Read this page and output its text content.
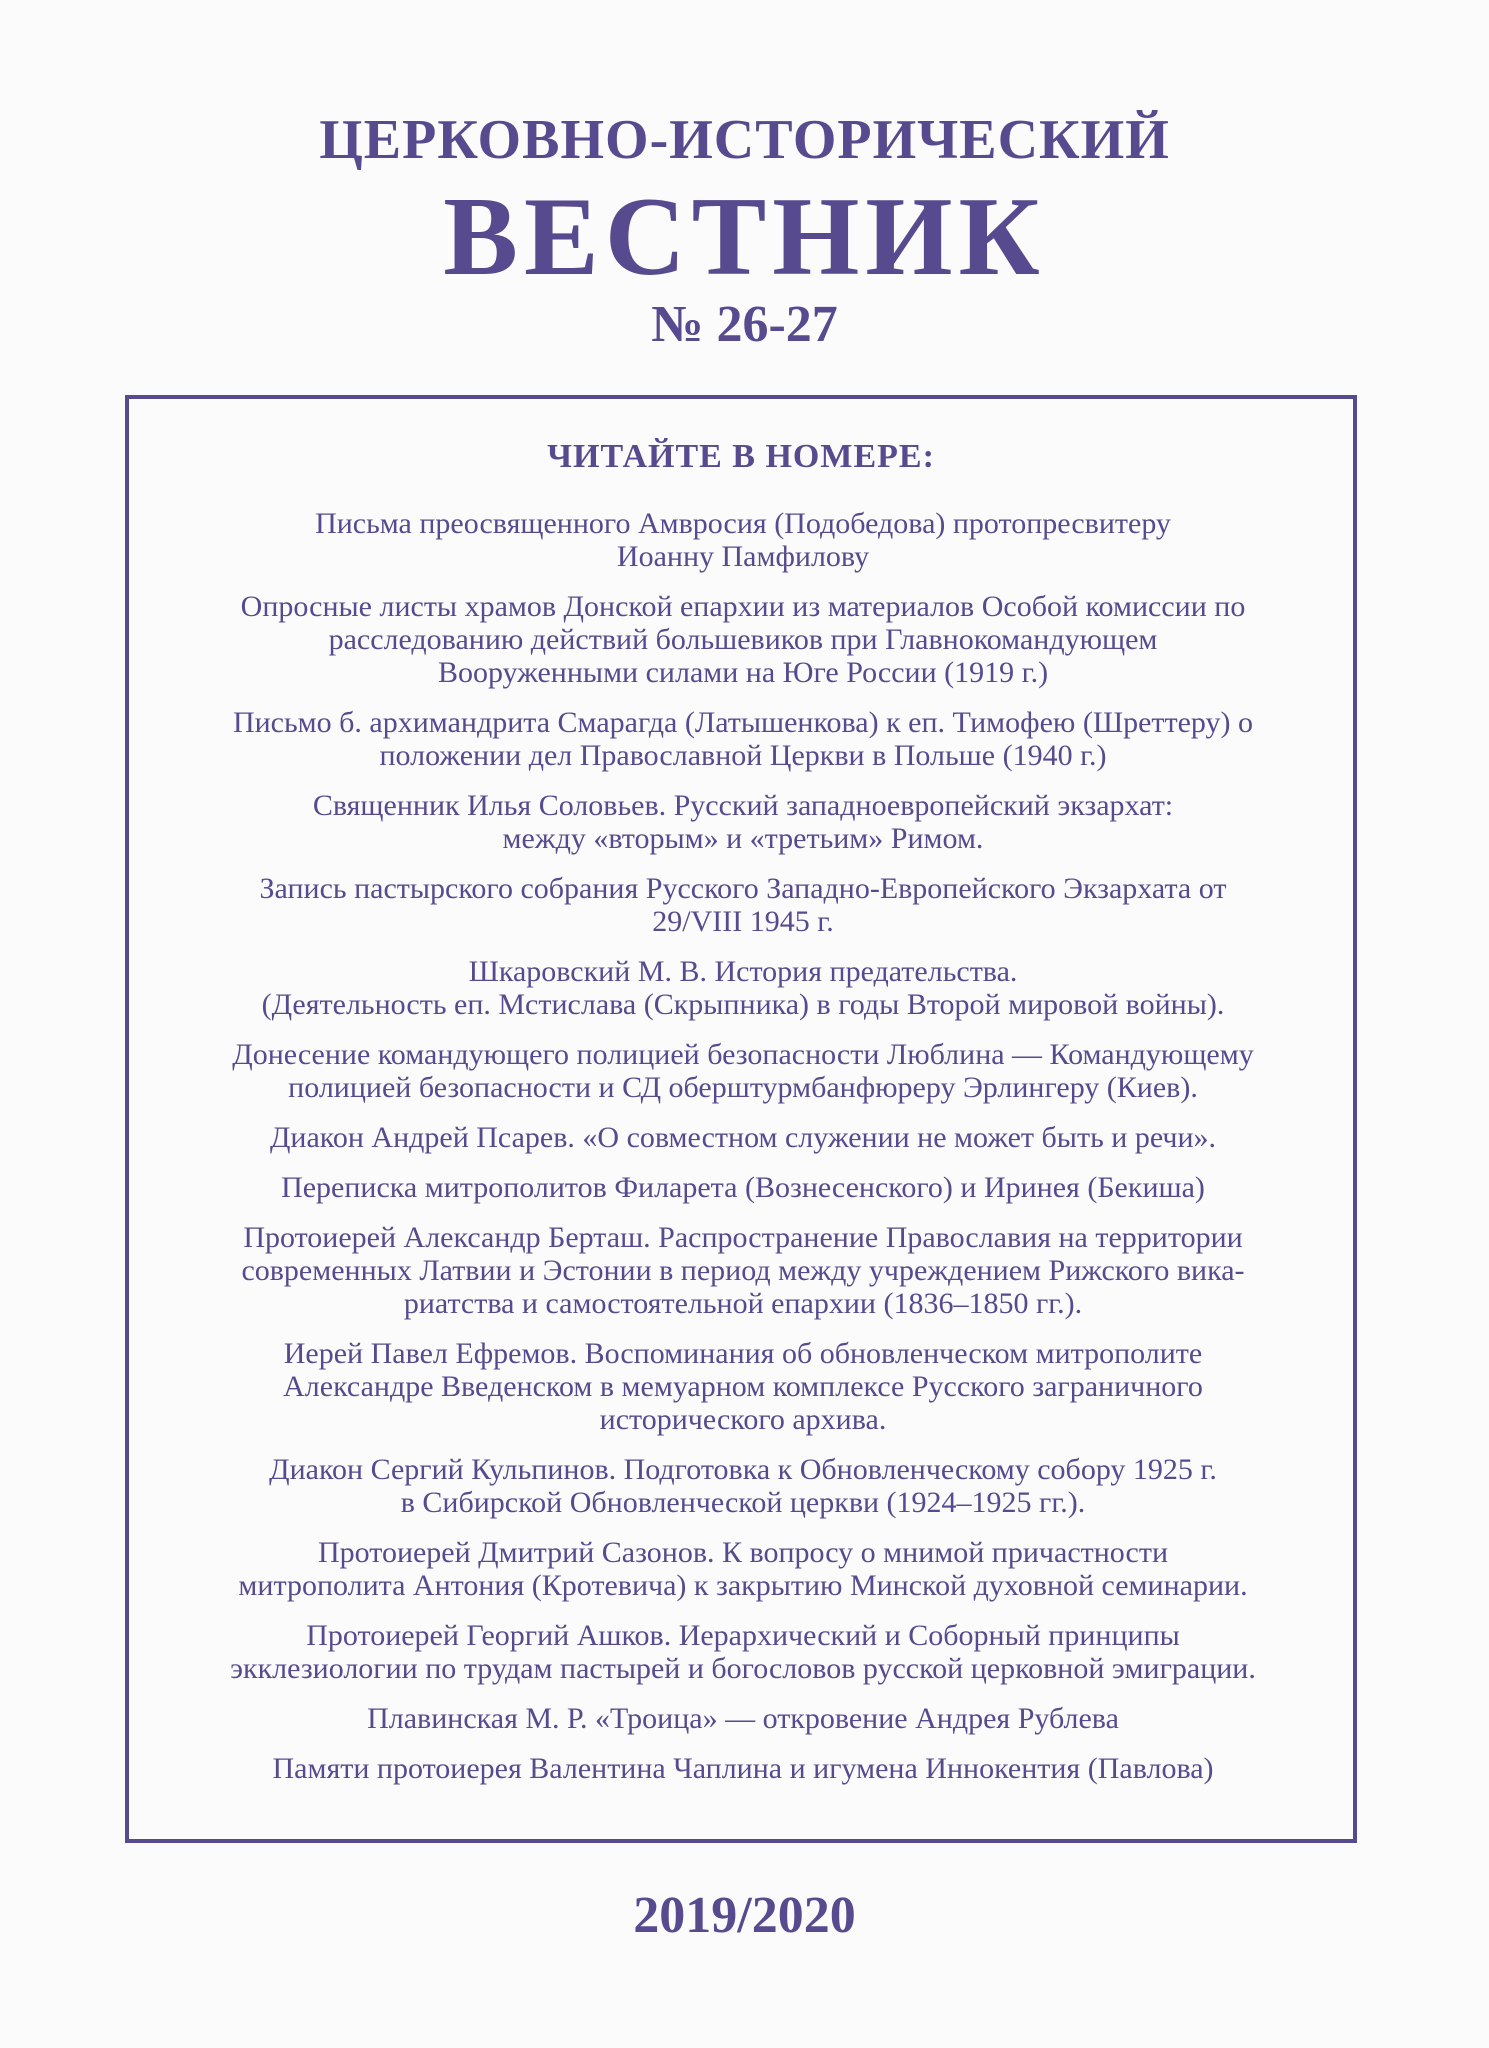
ЦЕРКОВНО-ИСТОРИЧЕСКИЙ
ВЕСТНИК
№ 26-27
ЧИТАЙТЕ В НОМЕРЕ:
Письма преосвященного Амвросия (Подобедова) протопресвитеру
Иоанну Памфилову
Опросные листы храмов Донской епархии из материалов Особой комиссии по
расследованию действий большевиков при Главнокомандующем
Вооруженными силами на Юге России (1919 г.)
Письмо б. архимандрита Смарагда (Латышенкова) к еп. Тимофею (Шреттеру) о
положении дел Православной Церкви в Польше (1940 г.)
Священник Илья Соловьев. Русский западноевропейский экзархат:
между «вторым» и «третьим» Римом.
Запись пастырского собрания Русского Западно-Европейского Экзархата от
29/VIII 1945 г.
Шкаровский М. В. История предательства.
(Деятельность еп. Мстислава (Скрыпника) в годы Второй мировой войны).
Донесение командующего полицией безопасности Люблина — Командующему
полицией безопасности и СД оберштурмбанфюреру Эрлингеру (Киев).
Диакон Андрей Псарев. «О совместном служении не может быть и речи».
Переписка митрополитов Филарета (Вознесенского) и Иринея (Бекиша)
Протоиерей Александр Берташ. Распространение Православия на территории
современных Латвии и Эстонии в период между учреждением Рижского вика-
риатства и самостоятельной епархии (1836–1850 гг.).
Иерей Павел Ефремов. Воспоминания об обновленческом митрополите
Александре Введенском в мемуарном комплексе Русского заграничного
исторического архива.
Диакон Сергий Кульпинов. Подготовка к Обновленческому собору 1925 г.
в Сибирской Обновленческой церкви (1924–1925 гг.).
Протоиерей Дмитрий Сазонов. К вопросу о мнимой причастности
митрополита Антония (Кротевича) к закрытию Минской духовной семинарии.
Протоиерей Георгий Ашков. Иерархический и Соборный принципы
экклезиологии по трудам пастырей и богословов русской церковной эмиграции.
Плавинская М. Р. «Троица» — откровение Андрея Рублева
Памяти протоиерея Валентина Чаплина и игумена Иннокентия (Павлова)
2019/2020
